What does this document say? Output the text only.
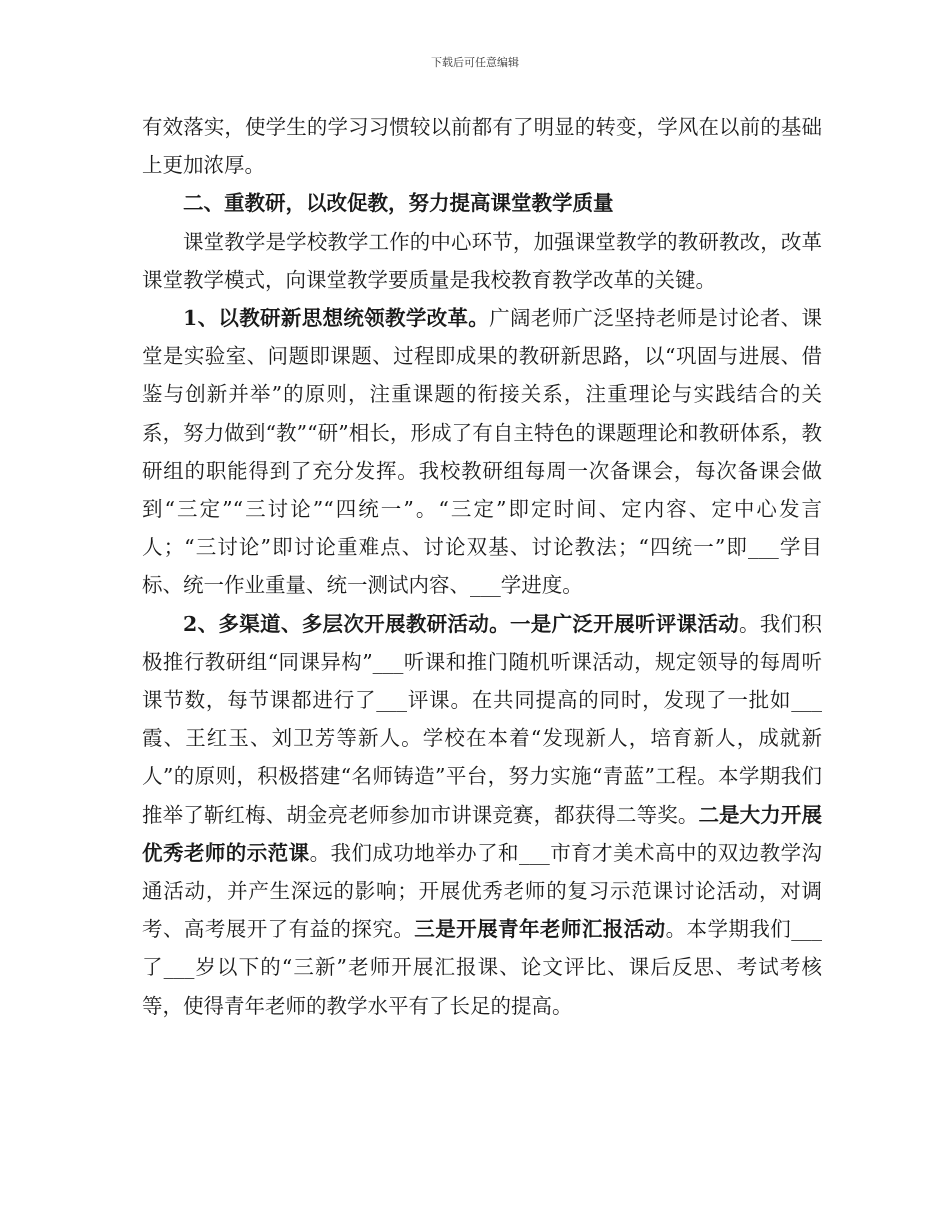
下载后可任意编辑

有效落实，使学生的学习习惯较以前都有了明显的转变，学风在以前的基础上更加浓厚。

二、重教研，以改促教，努力提高课堂教学质量

课堂教学是学校教学工作的中心环节，加强课堂教学的教研教改，改革课堂教学模式，向课堂教学要质量是我校教育教学改革的关键。

1、以教研新思想统领教学改革。广阔老师广泛坚持老师是讨论者、课堂是实验室、问题即课题、过程即成果的教研新思路，以“巩固与进展、借鉴与创新并举”的原则，注重课题的衔接关系，注重理论与实践结合的关系，努力做到“教”“研”相长，形成了有自主特色的课题理论和教研体系，教研组的职能得到了充分发挥。我校教研组每周一次备课会，每次备课会做到“三定”“三讨论”“四统一”。“三定”即定时间、定内容、定中心发言人；“三讨论”即讨论重难点、讨论双基、讨论教法；“四统一”即___学目标、统一作业重量、统一测试内容、___学进度。

2、多渠道、多层次开展教研活动。一是广泛开展听评课活动。我们积极推行教研组“同课异构”___听课和推门随机听课活动，规定领导的每周听课节数，每节课都进行了___评课。在共同提高的同时，发现了一批如___霞、王红玉、刘卫芳等新人。学校在本着“发现新人，培育新人，成就新人”的原则，积极搭建“名师铸造”平台，努力实施“青蓝”工程。本学期我们推举了靳红梅、胡金亮老师参加市讲课竞赛，都获得二等奖。二是大力开展优秀老师的示范课。我们成功地举办了和___市育才美术高中的双边教学沟通活动，并产生深远的影响；开展优秀老师的复习示范课讨论活动，对调考、高考展开了有益的探究。三是开展青年老师汇报活动。本学期我们___了___岁以下的“三新”老师开展汇报课、论文评比、课后反思、考试考核等，使得青年老师的教学水平有了长足的提高。
